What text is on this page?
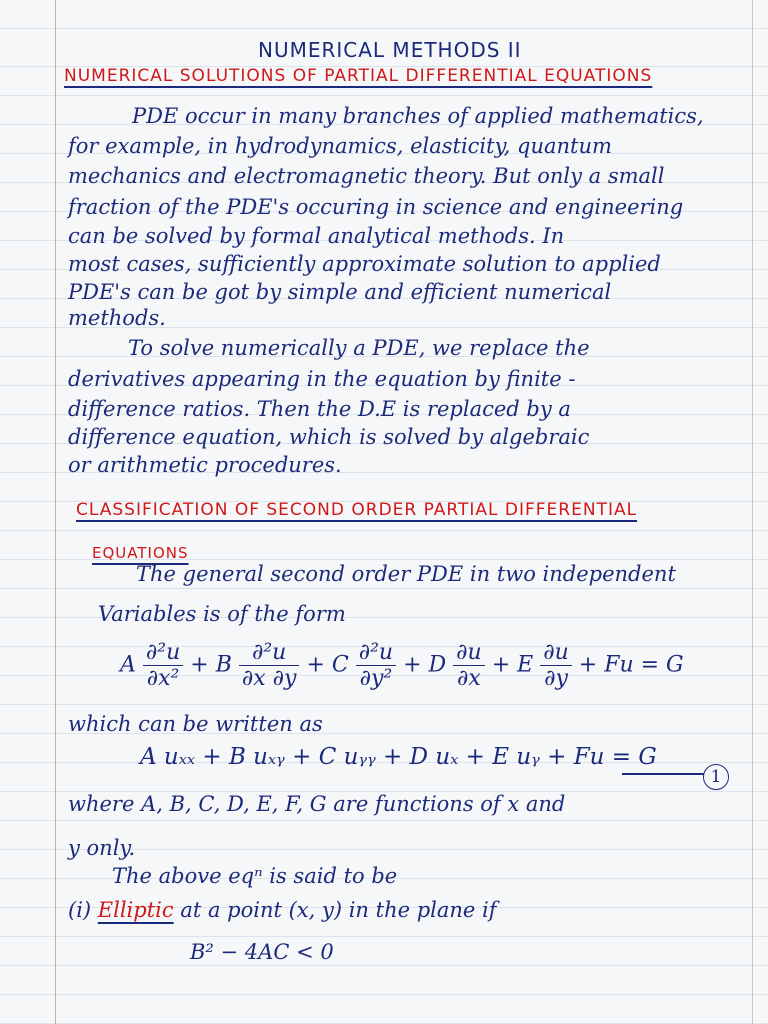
NUMERICAL METHODS II
NUMERICAL SOLUTIONS OF PARTIAL DIFFERENTIAL EQUATIONS
PDE occur in many branches of applied mathematics,
for example, in hydrodynamics, elasticity, quantum
mechanics and electromagnetic theory. But only a small
fraction of the PDE's occuring in science and engineering
can be solved by formal analytical methods. In
most cases, sufficiently approximate solution to applied
PDE's can be got by simple and efficient numerical
methods.
To solve numerically a PDE, we replace the
derivatives appearing in the equation by finite -
difference ratios. Then the D.E is replaced by a
difference equation, which is solved by algebraic
or arithmetic procedures.
CLASSIFICATION OF SECOND ORDER PARTIAL DIFFERENTIAL
EQUATIONS
The general second order PDE in two independent
Variables is of the form
A $\frac{\text{∂²u}}{\text{∂x²}} + B \frac{\text{∂²u}}{\partial x \partial y} + C \frac{\text{∂²u}}{\text{∂y²}} + D \frac{\partial u}{\partial x} + E \frac{\partial u}{\partial y} + Fu = G$
which can be written as
A uₓₓ + B uₓᵧ + C uᵧᵧ + D uₓ + E uᵧ + Fu = G
1
where A, B, C, D, E, F, G are functions of x and
y only.
The above eqⁿ is said to be
(i) Elliptic at a point (x, y) in the plane if
B² − 4AC < 0
